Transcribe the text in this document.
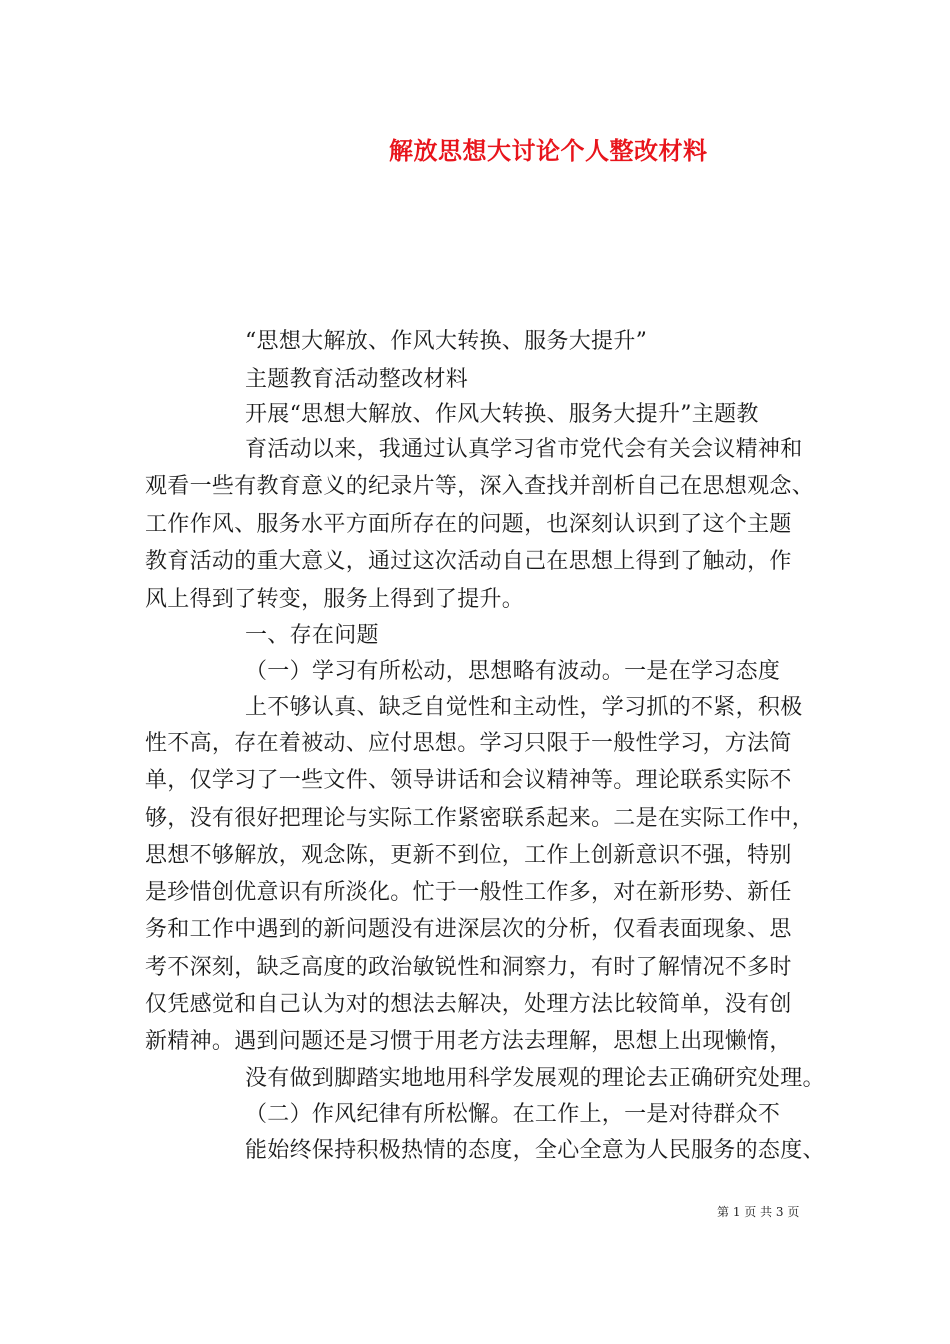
解放思想大讨论个人整改材料
“思想大解放、作风大转换、服务大提升”
主题教育活动整改材料
开展“思想大解放、作风大转换、服务大提升”主题教
育活动以来，我通过认真学习省市党代会有关会议精神和
观看一些有教育意义的纪录片等，深入查找并剖析自己在思想观念、
工作作风、服务水平方面所存在的问题，也深刻认识到了这个主题
教育活动的重大意义，通过这次活动自己在思想上得到了触动，作
风上得到了转变，服务上得到了提升。
一、存在问题
（一）学习有所松动，思想略有波动。一是在学习态度
上不够认真、缺乏自觉性和主动性，学习抓的不紧，积极
性不高，存在着被动、应付思想。学习只限于一般性学习，方法简
单，仅学习了一些文件、领导讲话和会议精神等。理论联系实际不
够，没有很好把理论与实际工作紧密联系起来。二是在实际工作中，
思想不够解放，观念陈，更新不到位，工作上创新意识不强，特别
是珍惜创优意识有所淡化。忙于一般性工作多，对在新形势、新任
务和工作中遇到的新问题没有进深层次的分析，仅看表面现象、思
考不深刻，缺乏高度的政治敏锐性和洞察力，有时了解情况不多时
仅凭感觉和自己认为对的想法去解决，处理方法比较简单，没有创
新精神。遇到问题还是习惯于用老方法去理解，思想上出现懒惰，
没有做到脚踏实地地用科学发展观的理论去正确研究处理。
（二）作风纪律有所松懈。在工作上，一是对待群众不
能始终保持积极热情的态度，全心全意为人民服务的态度、
第 1 页 共 3 页
